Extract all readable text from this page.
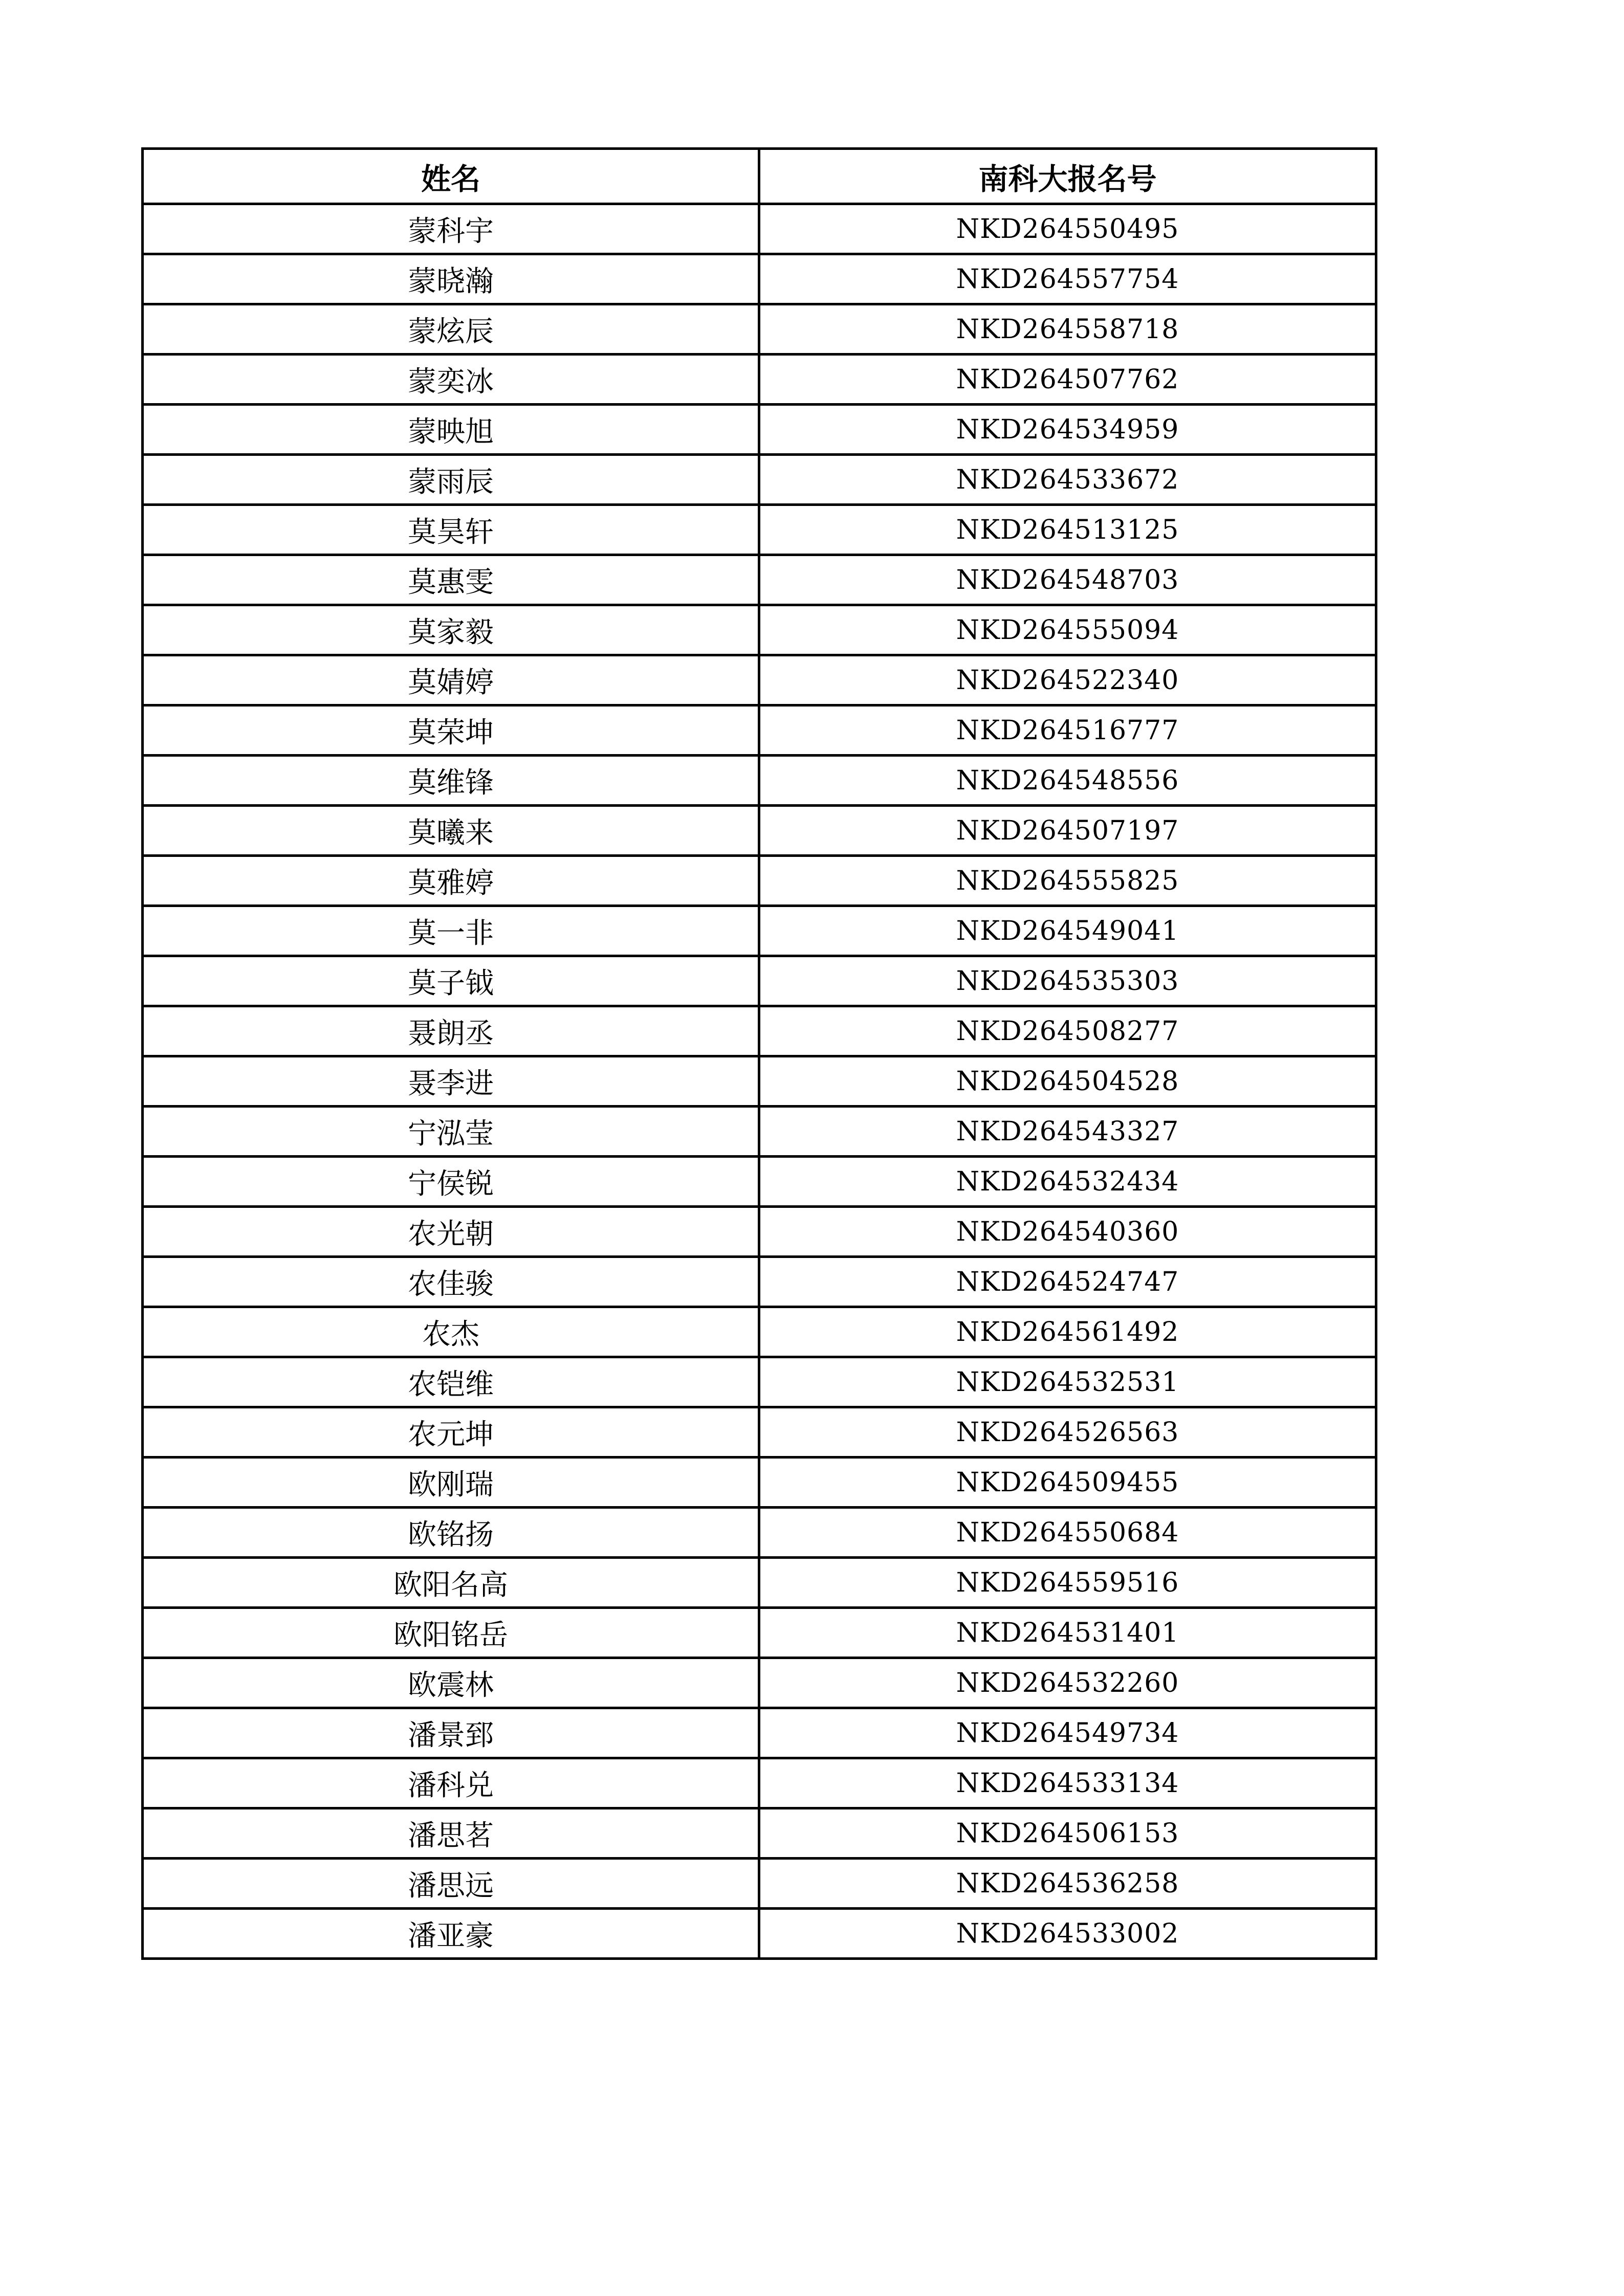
姓名	南科大报名号
蒙科宇	NKD264550495
蒙晓瀚	NKD264557754
蒙炫辰	NKD264558718
蒙奕冰	NKD264507762
蒙映旭	NKD264534959
蒙雨辰	NKD264533672
莫昊轩	NKD264513125
莫惠雯	NKD264548703
莫家毅	NKD264555094
莫婧婷	NKD264522340
莫荣坤	NKD264516777
莫维锋	NKD264548556
莫曦来	NKD264507197
莫雅婷	NKD264555825
莫一非	NKD264549041
莫子钺	NKD264535303
聂朗丞	NKD264508277
聂李进	NKD264504528
宁泓莹	NKD264543327
宁侯锐	NKD264532434
农光朝	NKD264540360
农佳骏	NKD264524747
农杰	NKD264561492
农铠维	NKD264532531
农元坤	NKD264526563
欧刚瑞	NKD264509455
欧铭扬	NKD264550684
欧阳名高	NKD264559516
欧阳铭岳	NKD264531401
欧震林	NKD264532260
潘景郅	NKD264549734
潘科兑	NKD264533134
潘思茗	NKD264506153
潘思远	NKD264536258
潘亚豪	NKD264533002
